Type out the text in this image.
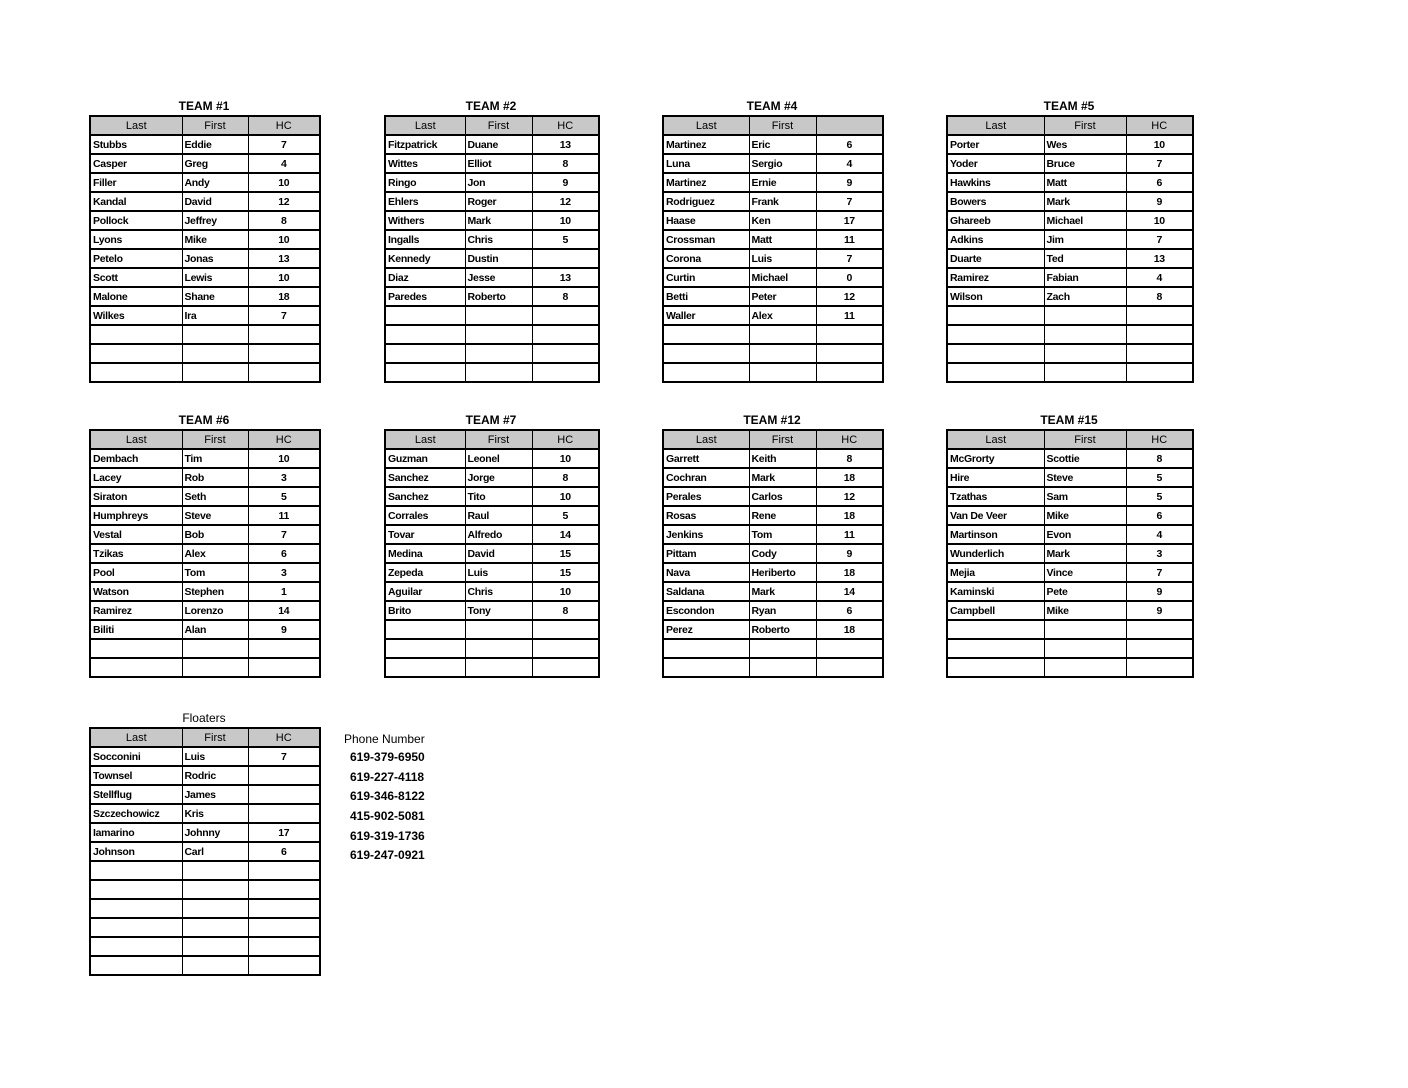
TEAM #1
Last	First	HC
Stubbs	Eddie	7
Casper	Greg	4
Filler	Andy	10
Kandal	David	12
Pollock	Jeffrey	8
Lyons	Mike	10
Petelo	Jonas	13
Scott	Lewis	10
Malone	Shane	18
Wilkes	Ira	7

TEAM #2
Last	First	HC
Fitzpatrick	Duane	13
Wittes	Elliot	8
Ringo	Jon	9
Ehlers	Roger	12
Withers	Mark	10
Ingalls	Chris	5
Kennedy	Dustin	
Diaz	Jesse	13
Paredes	Roberto	8

TEAM #4
Last	First	
Martinez	Eric	6
Luna	Sergio	4
Martinez	Ernie	9
Rodriguez	Frank	7
Haase	Ken	17
Crossman	Matt	11
Corona	Luis	7
Curtin	Michael	0
Betti	Peter	12
Waller	Alex	11

TEAM #5
Last	First	HC
Porter	Wes	10
Yoder	Bruce	7
Hawkins	Matt	6
Bowers	Mark	9
Ghareeb	Michael	10
Adkins	Jim	7
Duarte	Ted	13
Ramirez	Fabian	4
Wilson	Zach	8

TEAM #6
Last	First	HC
Dembach	Tim	10
Lacey	Rob	3
Siraton	Seth	5
Humphreys	Steve	11
Vestal	Bob	7
Tzikas	Alex	6
Pool	Tom	3
Watson	Stephen	1
Ramirez	Lorenzo	14
Biliti	Alan	9

TEAM #7
Last	First	HC
Guzman	Leonel	10
Sanchez	Jorge	8
Sanchez	Tito	10
Corrales	Raul	5
Tovar	Alfredo	14
Medina	David	15
Zepeda	Luis	15
Aguilar	Chris	10
Brito	Tony	8

TEAM #12
Last	First	HC
Garrett	Keith	8
Cochran	Mark	18
Perales	Carlos	12
Rosas	Rene	18
Jenkins	Tom	11
Pittam	Cody	9
Nava	Heriberto	18
Saldana	Mark	14
Escondon	Ryan	6
Perez	Roberto	18

TEAM #15
Last	First	HC
McGrorty	Scottie	8
Hire	Steve	5
Tzathas	Sam	5
Van De Veer	Mike	6
Martinson	Evon	4
Wunderlich	Mark	3
Mejia	Vince	7
Kaminski	Pete	9
Campbell	Mike	9

Floaters
Last	First	HC
Socconini	Luis	7
Townsel	Rodric	
Stellflug	James	
Szczechowicz	Kris	
Iamarino	Johnny	17
Johnson	Carl	6

Phone Number
619-379-6950
619-227-4118
619-346-8122
415-902-5081
619-319-1736
619-247-0921
